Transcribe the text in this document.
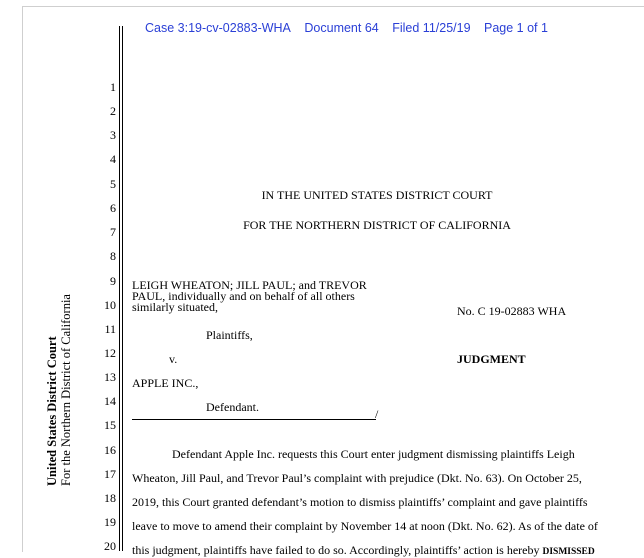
Case 3:19-cv-02883-WHA Document 64 Filed 11/25/19 Page 1 of 1
1
2
3
4
5
6
7
8
9
10
11
12
13
14
15
16
17
18
19
20
United States District Court For the Northern District of California
IN THE UNITED STATES DISTRICT COURT
FOR THE NORTHERN DISTRICT OF CALIFORNIA
LEIGH WHEATON; JILL PAUL; and TREVOR
PAUL, individually and on behalf of all others
similarly situated,
Plaintiffs,
v.
APPLE INC.,
Defendant.	/
No. C 19-02883 WHA
JUDGMENT
Defendant Apple Inc. requests this Court enter judgment dismissing plaintiffs Leigh
Wheaton, Jill Paul, and Trevor Paul’s complaint with prejudice (Dkt. No. 63). On October 25,
2019, this Court granted defendant’s motion to dismiss plaintiffs’ complaint and gave plaintiffs
leave to move to amend their complaint by November 14 at noon (Dkt. No. 62). As of the date of
this judgment, plaintiffs have failed to do so. Accordingly, plaintiffs’ action is hereby DISMISSED
